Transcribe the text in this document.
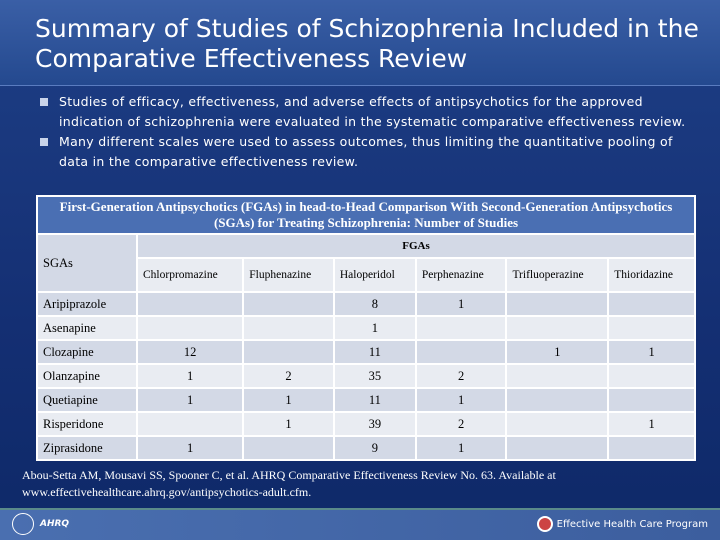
Summary of Studies of Schizophrenia Included in the Comparative Effectiveness Review
Studies of efficacy, effectiveness, and adverse effects of antipsychotics for the approved indication of schizophrenia were evaluated in the systematic comparative effectiveness review.
Many different scales were used to assess outcomes, thus limiting the quantitative pooling of data in the comparative effectiveness review.
First-Generation Antipsychotics (FGAs) in head-to-Head Comparison With Second-Generation Antipsychotics (SGAs) for Treating Schizophrenia: Number of Studies						
SGAs	FGAs					
	Chlorpromazine	Fluphenazine	Haloperidol	Perphenazine	Trifluoperazine	Thioridazine
Aripiprazole			8	1		
Asenapine			1			
Clozapine	12		11		1	1
Olanzapine	1	2	35	2		
Quetiapine	1	1	11	1		
Risperidone		1	39	2		1
Ziprasidone	1		9	1		
Abou-Setta AM, Mousavi SS, Spooner C, et al. AHRQ Comparative Effectiveness Review No. 63. Available at www.effectivehealthcare.ahrq.gov/antipsychotics-adult.cfm.
AHRQ	Effective Health Care Program
